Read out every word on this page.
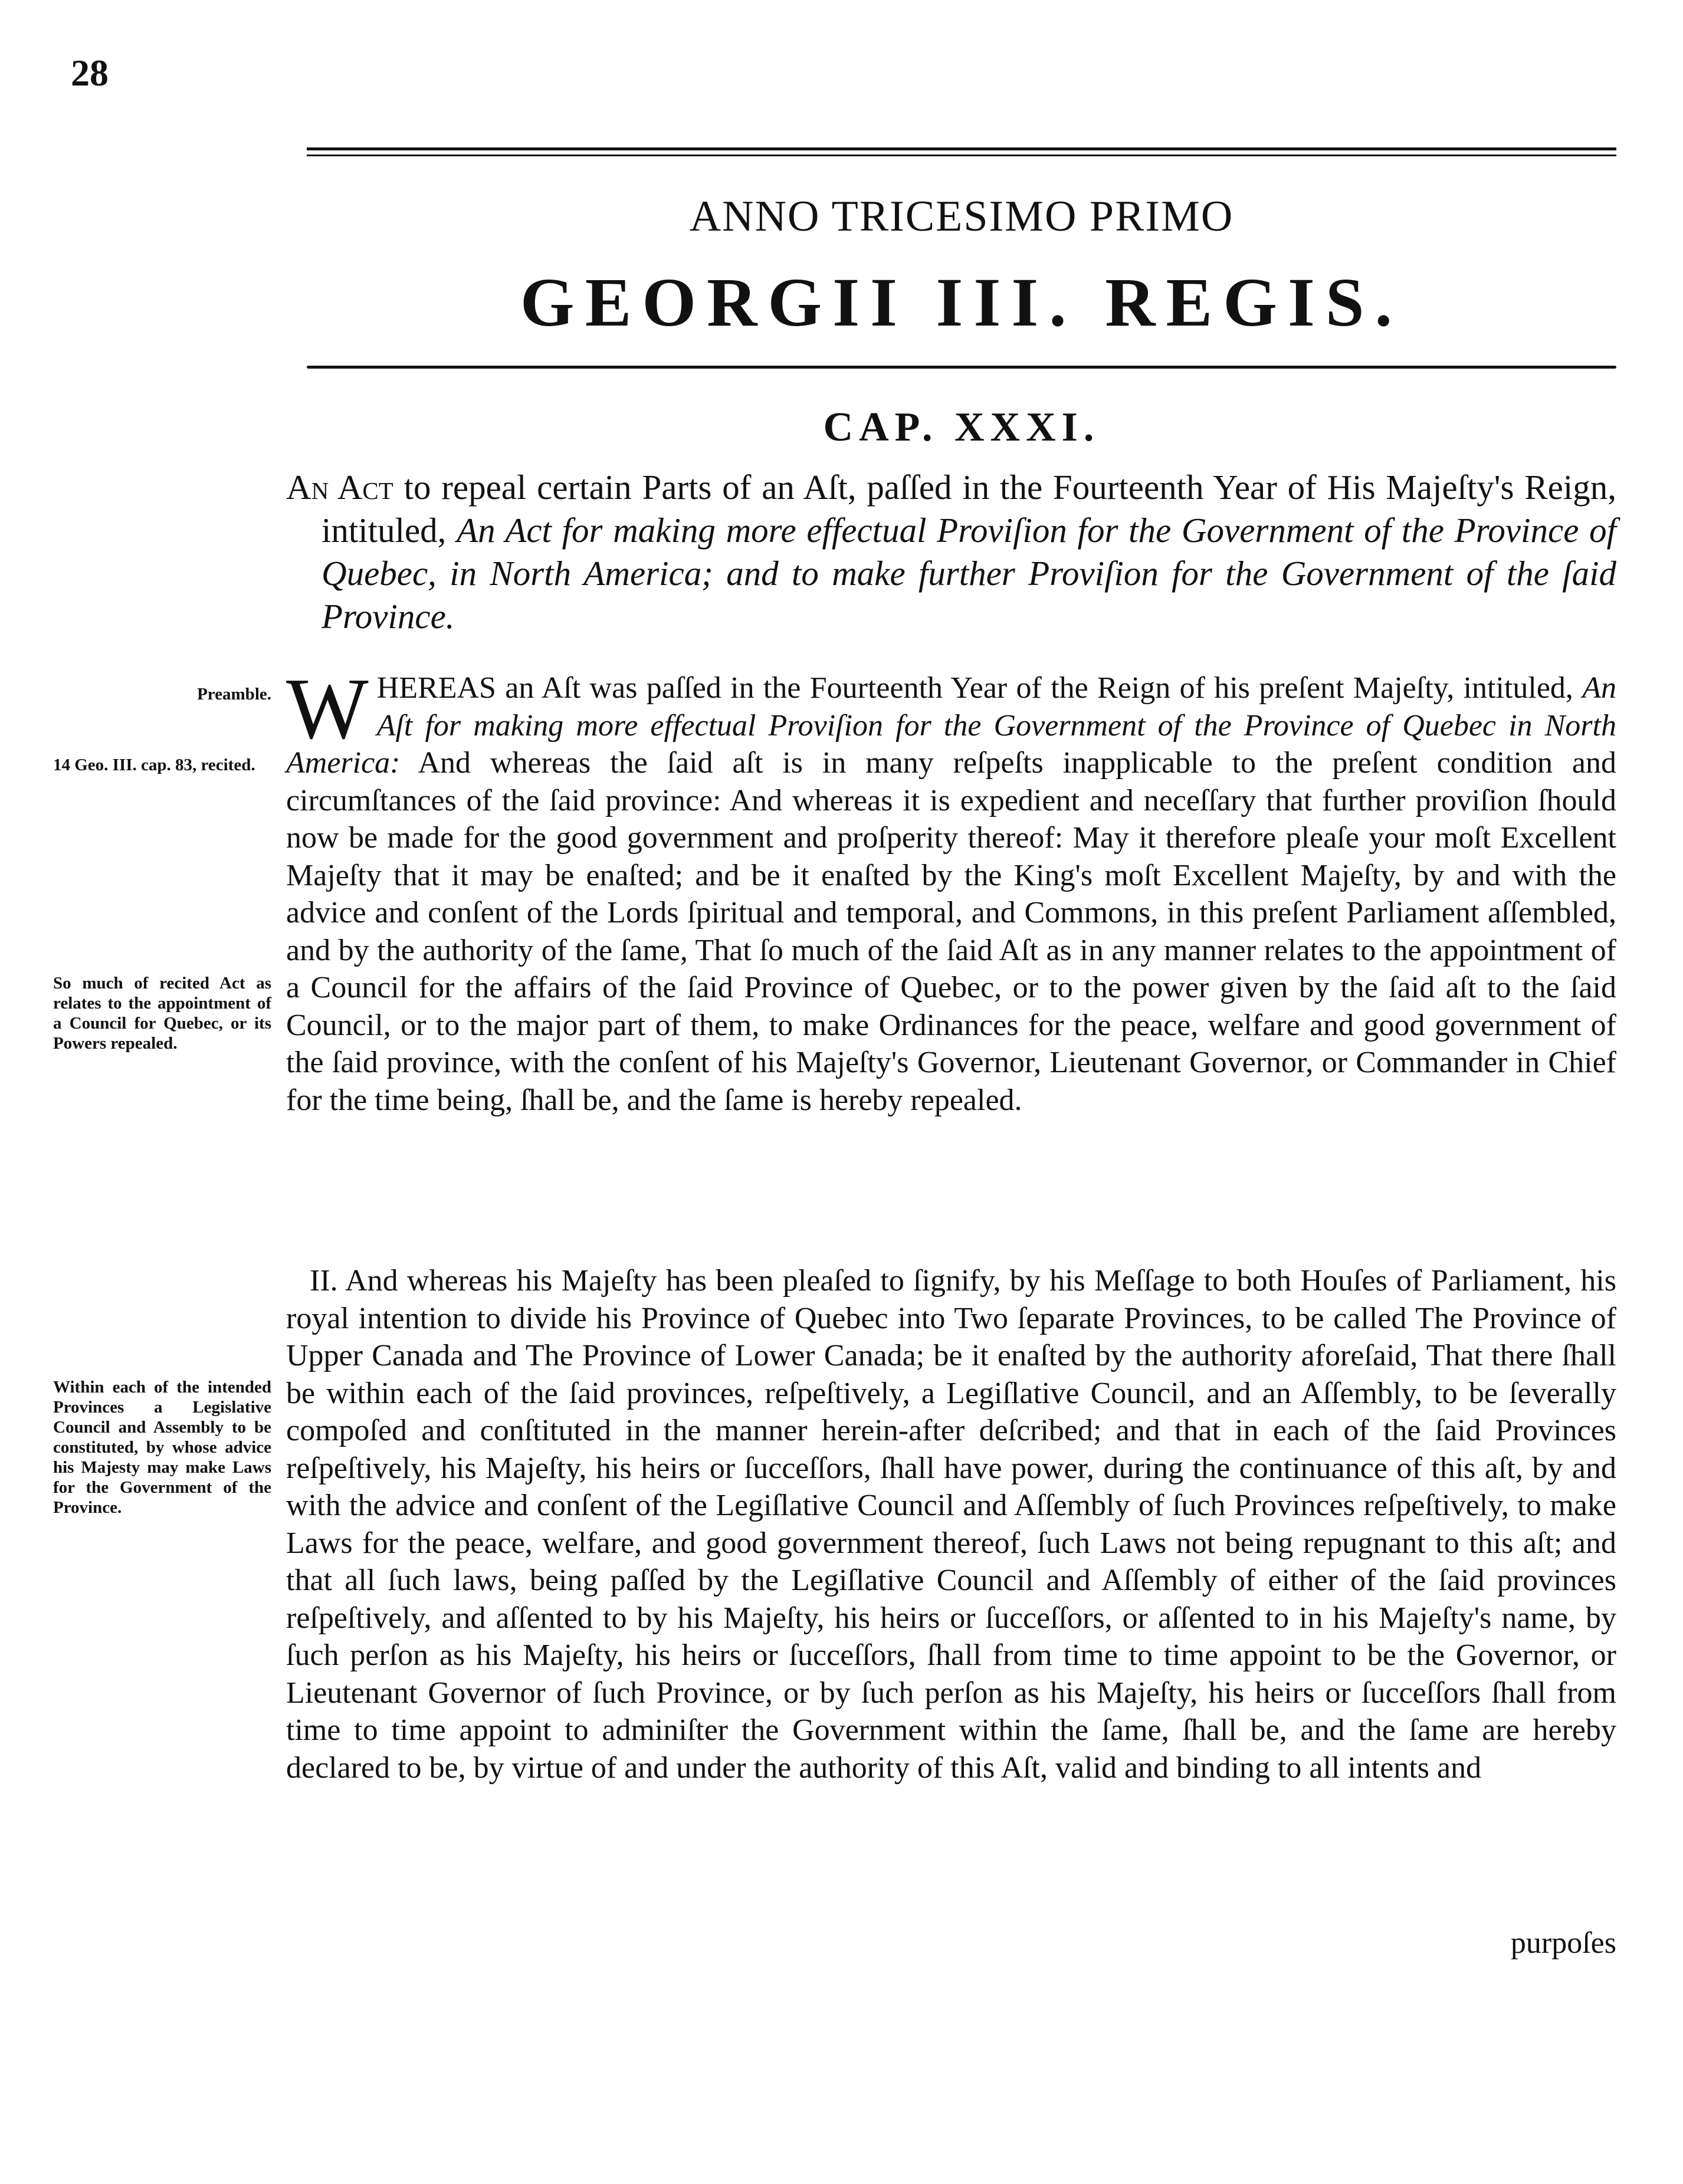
28
ANNO TRICESIMO PRIMO
GEORGII III. REGIS.
CAP. XXXI.
An Act to repeal certain Parts of an Aſt, paſſed in the Fourteenth Year of His Majeſty's Reign, intituled, An Act for making more effectual Proviſion for the Government of the Province of Quebec, in North America; and to make further Proviſion for the Government of the ſaid Province.
Preamble.
14 Geo. III. cap. 83, recited.
So much of recited Act as relates to the appointment of a Council for Quebec, or its Powers repealed.
Within each of the intended Provinces a Legislative Council and Assembly to be constituted, by whose advice his Majesty may make Laws for the Government of the Province.
WHEREAS an Aſt was paſſed in the Fourteenth Year of the Reign of his preſent Majeſty, intituled, An Aſt for making more effectual Proviſion for the Government of the Province of Quebec in North America: And whereas the ſaid aſt is in many reſpeſts inapplicable to the preſent condition and circumſtances of the ſaid province: And whereas it is expedient and neceſſary that further proviſion ſhould now be made for the good government and proſperity thereof: May it therefore pleaſe your moſt Excellent Majeſty that it may be enaſted; and be it enaſted by the King's moſt Excellent Majeſty, by and with the advice and conſent of the Lords ſpiritual and temporal, and Commons, in this preſent Parliament aſſembled, and by the authority of the ſame, That ſo much of the ſaid Aſt as in any manner relates to the appointment of a Council for the affairs of the ſaid Province of Quebec, or to the power given by the ſaid aſt to the ſaid Council, or to the major part of them, to make Ordinances for the peace, welfare and good government of the ſaid province, with the conſent of his Majeſty's Governor, Lieutenant Governor, or Commander in Chief for the time being, ſhall be, and the ſame is hereby repealed.
II. And whereas his Majeſty has been pleaſed to ſignify, by his Meſſage to both Houſes of Parliament, his royal intention to divide his Province of Quebec into Two ſeparate Provinces, to be called The Province of Upper Canada and The Province of Lower Canada; be it enaſted by the authority aforeſaid, That there ſhall be within each of the ſaid provinces, reſpeſtively, a Legiſlative Council, and an Aſſembly, to be ſeverally compoſed and conſtituted in the manner herein-after deſcribed; and that in each of the ſaid Provinces reſpeſtively, his Majeſty, his heirs or ſucceſſors, ſhall have power, during the continuance of this aſt, by and with the advice and conſent of the Legiſlative Council and Aſſembly of ſuch Provinces reſpeſtively, to make Laws for the peace, welfare, and good government thereof, ſuch Laws not being repugnant to this aſt; and that all ſuch laws, being paſſed by the Legiſlative Council and Aſſembly of either of the ſaid provinces reſpeſtively, and aſſented to by his Majeſty, his heirs or ſucceſſors, or aſſented to in his Majeſty's name, by ſuch perſon as his Majeſty, his heirs or ſucceſſors, ſhall from time to time appoint to be the Governor, or Lieutenant Governor of ſuch Province, or by ſuch perſon as his Majeſty, his heirs or ſucceſſors ſhall from time to time appoint to adminiſter the Government within the ſame, ſhall be, and the ſame are hereby declared to be, by virtue of and under the authority of this Aſt, valid and binding to all intents and
purpoſes
